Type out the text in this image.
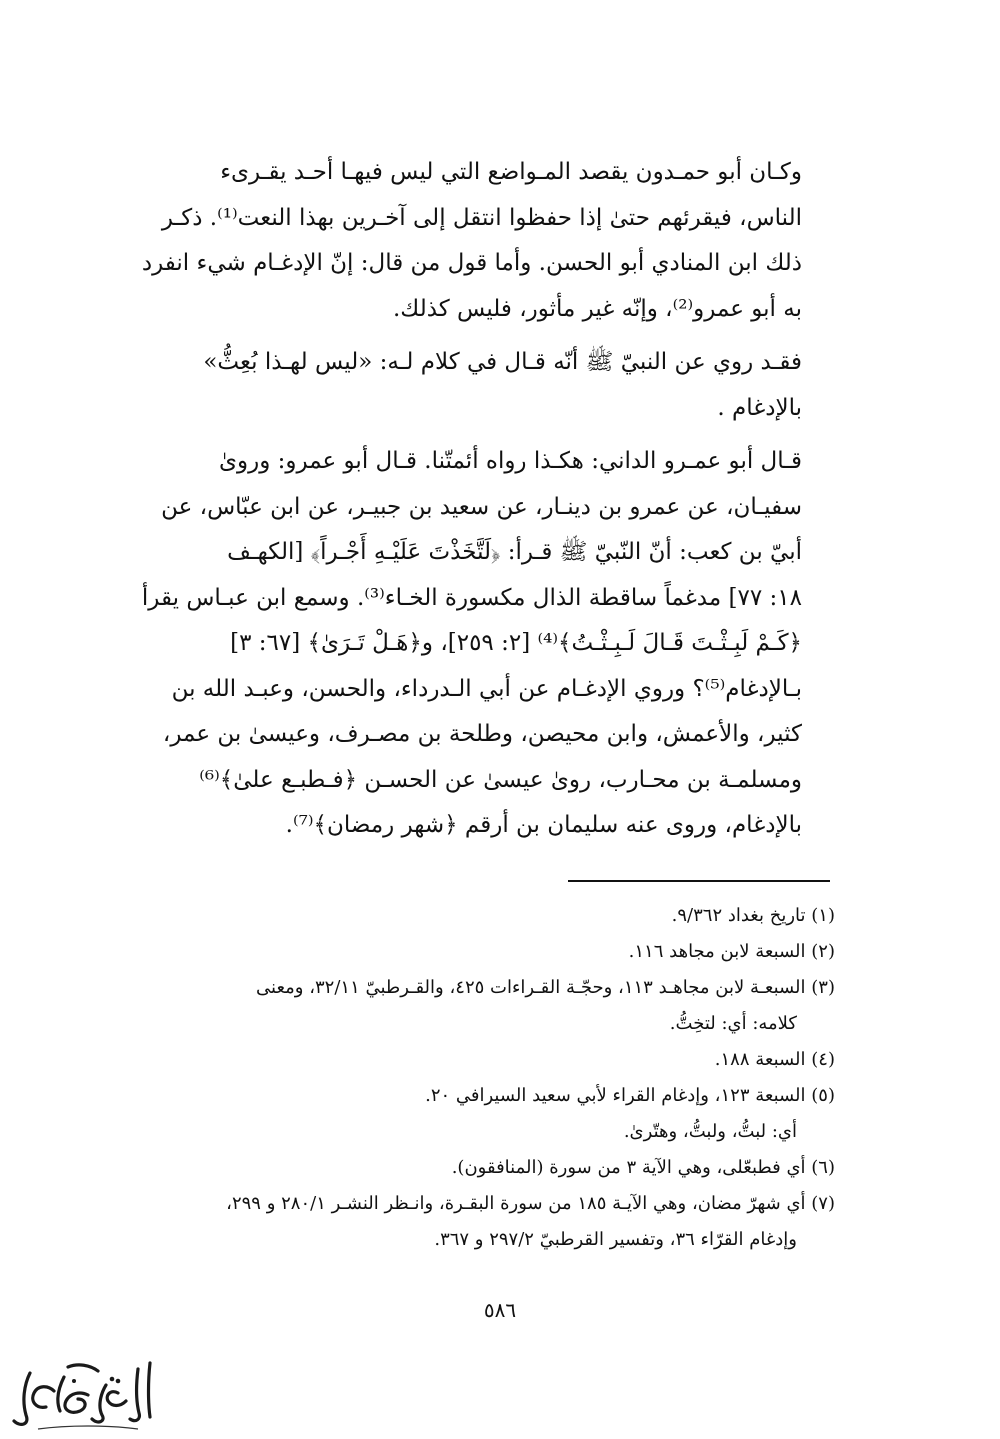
وكـان أبو حمـدون يقصد المـواضع التي ليس فيهـا أحـد يقـرىء
الناس، فيقرئهم حتىٰ إذا حفظوا انتقل إلى آخـرين بهذا النعت⁽¹⁾. ذكـر
ذلك ابن المنادي أبو الحسن. وأما قول من قال: إنّ الإدغـام شيء انفرد
به أبو عمرو⁽²⁾، وإنّه غير مأثور، فليس كذلك.
فقـد روي عن النبيّ ﷺ أنّه قـال في كلام لـه: «ليس لهـذا بُعِثُّ»
بالإدغام .
قـال أبو عمـرو الداني: هكـذا رواه أئمتّنا. قـال أبو عمرو: وروىٰ
سفيـان، عن عمرو بن دينـار، عن سعيد بن جبيـر، عن ابن عبّاس، عن
أبيّ بن كعب: أنّ النّبيّ ﷺ قـرأ: ﴿لَتَّخَذْتَ عَلَيْـهِ أَجْـراً﴾ [الكهـف
١٨: ٧٧] مدغماً ساقطة الذال مكسورة الخـاء⁽³⁾. وسمع ابن عبـاس يقرأ
﴿كَـمْ لَبِـثْـتَ قَـالَ لَـبِـثْـتُ﴾⁽⁴⁾ [٢: ٢٥٩]، و﴿هَـلْ تَـرَىٰ﴾ [٦٧: ٣]
بـالإدغام⁽⁵⁾؟ وروي الإدغـام عن أبي الـدرداء، والحسن، وعبـد الله بن
كثير، والأعمش، وابن محيصن، وطلحة بن مصـرف، وعيسىٰ بن عمر،
ومسلمـة بن محـارب، روىٰ عيسىٰ عن الحسـن ﴿فـطبـع علىٰ﴾⁽⁶⁾
بالإدغام، وروى عنه سليمان بن أرقم ﴿شهر رمضان﴾⁽⁷⁾.
(١) تاريخ بغداد ٩/٣٦٢.
(٢) السبعة لابن مجاهد ١١٦.
(٣) السبعـة لابن مجاهـد ١١٣، وحجّـة القـراءات ٤٢٥، والقـرطبيّ ٣٢/١١، ومعنى
كلامه: أي: لتخِتُّ.
(٤) السبعة ١٨٨.
(٥) السبعة ١٢٣، وإدغام القراء لأبي سعيد السيرافي ٢٠.
أي: لبتُّ، ولبتُّ، وهتّرىٰ.
(٦) أي فطبعّلى، وهي الآية ٣ من سورة (المنافقون).
(٧) أي شهرّ مضان، وهي الآيـة ١٨٥ من سورة البقـرة، وانـظر النشـر ٢٨٠/١ و ٢٩٩،
وإدغام القرّاء ٣٦، وتفسير القرطبيّ ٢٩٧/٢ و ٣٦٧.
٥٨٦
